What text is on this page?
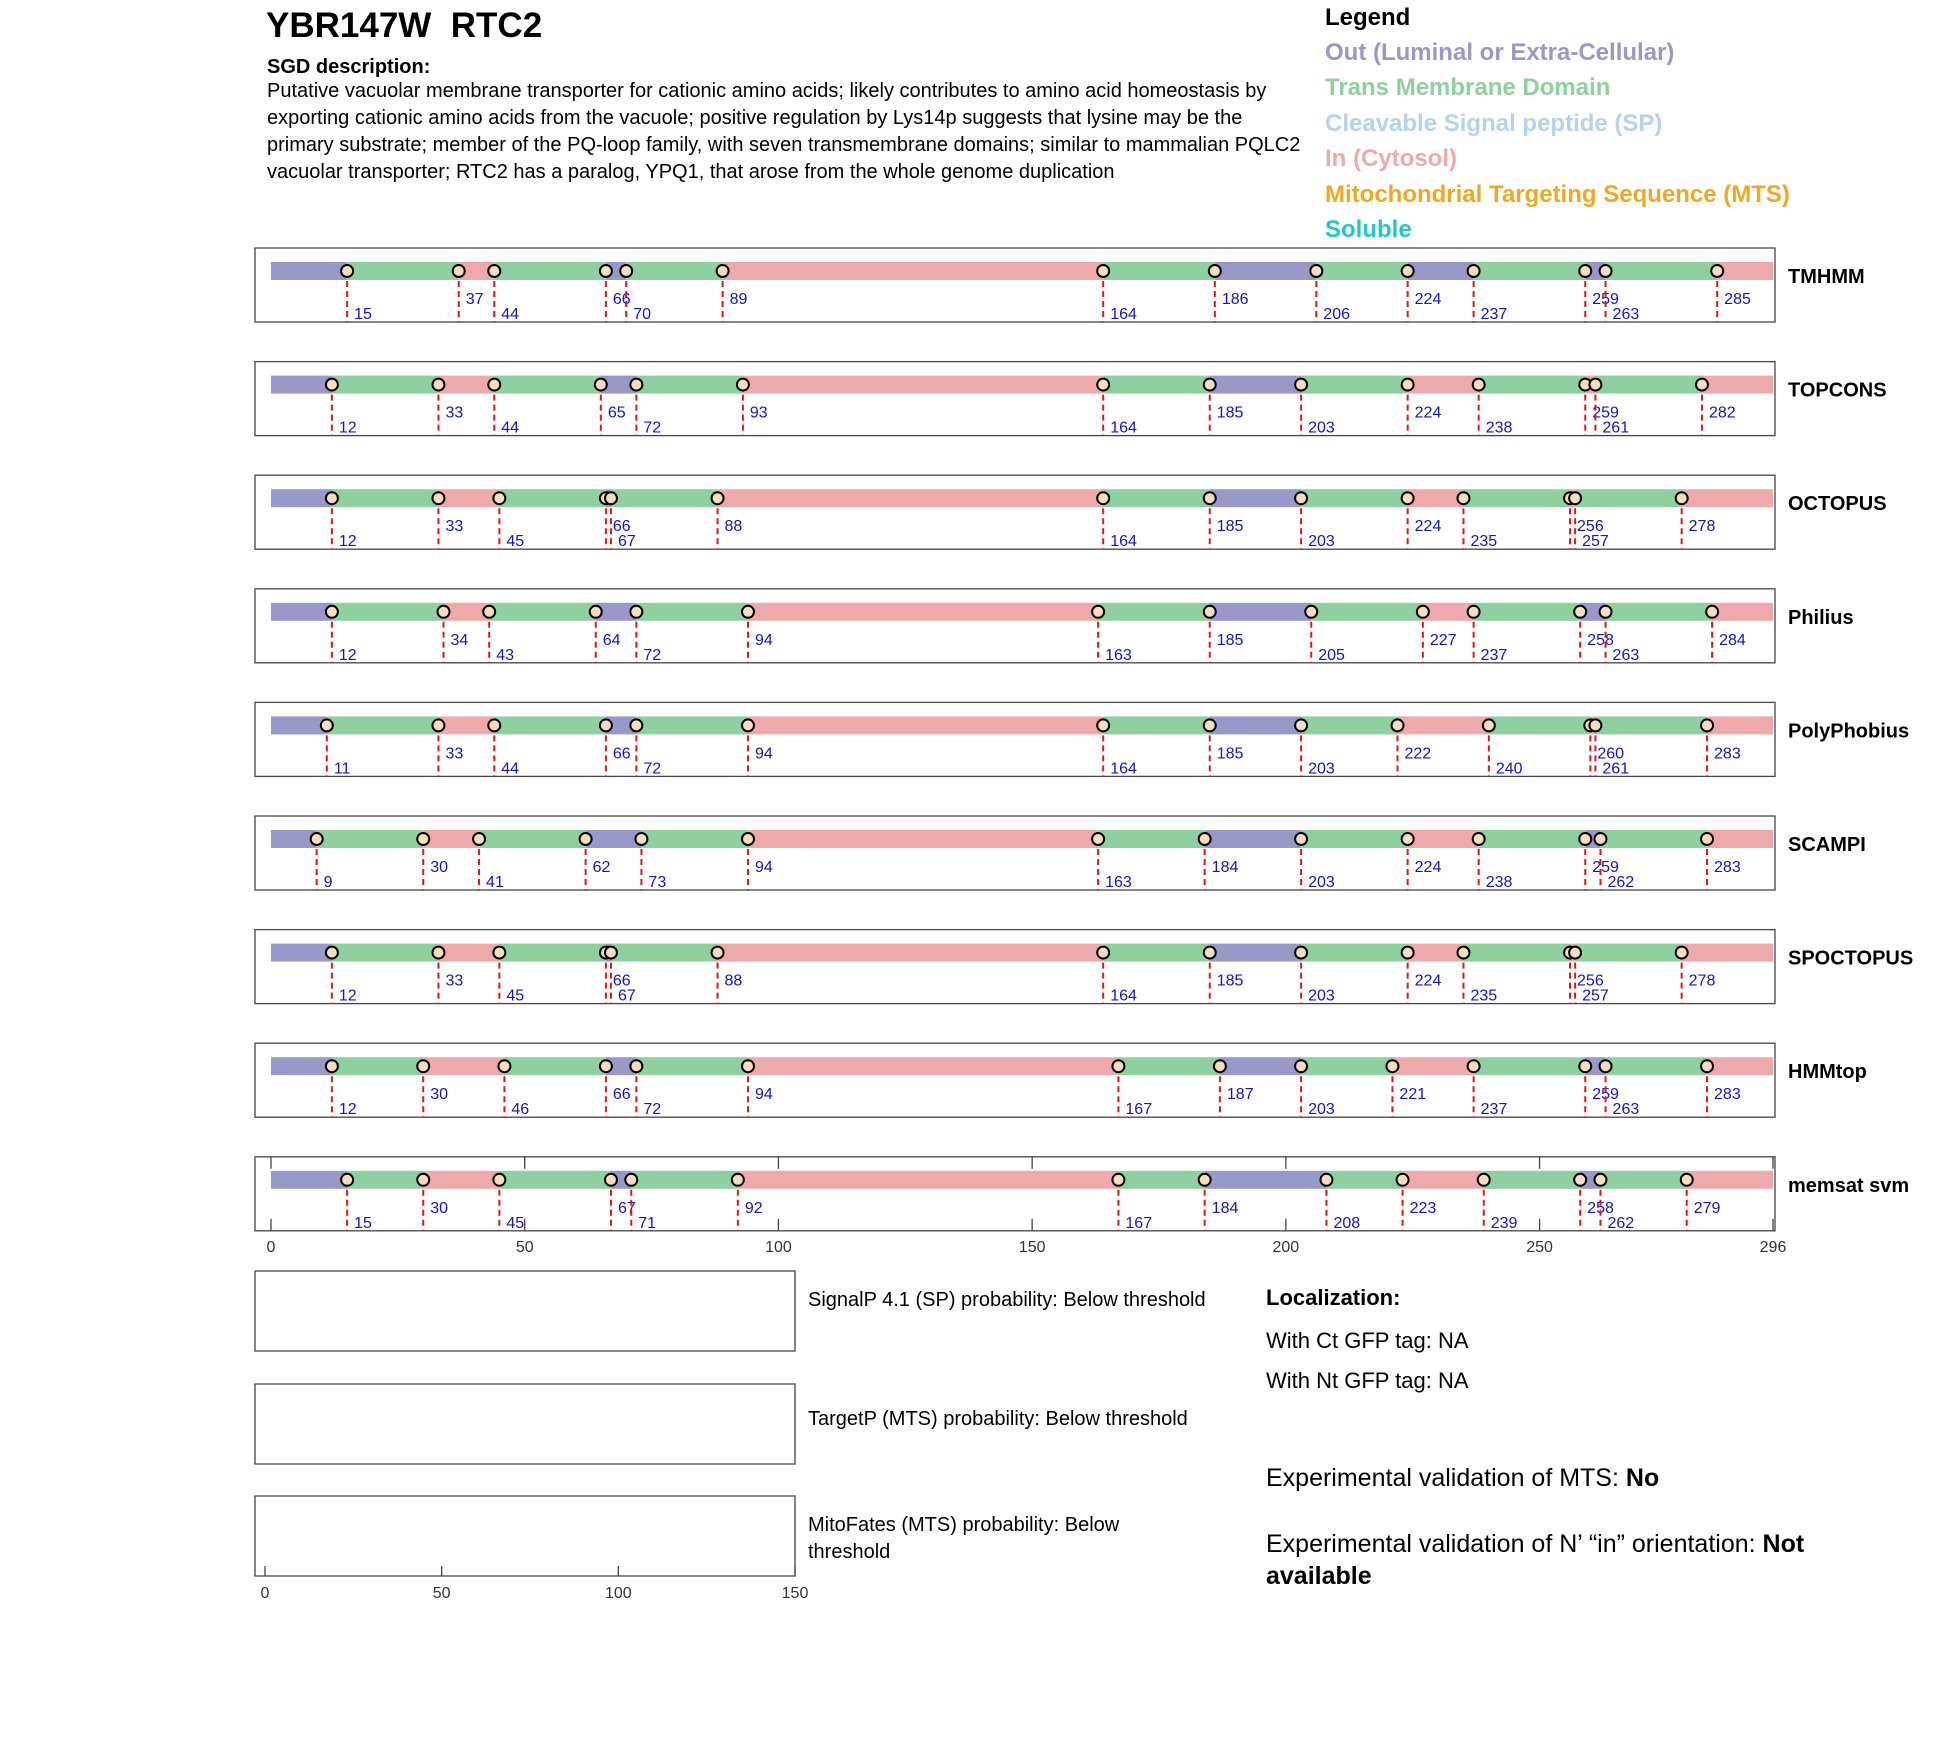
YBR147W  RTC2
SGD description:
Putative vacuolar membrane transporter for cationic amino acids; likely contributes to amino acid homeostasis by exporting cationic amino acids from the vacuole; positive regulation by Lys14p suggests that lysine may be the primary substrate; member of the PQ-loop family, with seven transmembrane domains; similar to mammalian PQLC2 vacuolar transporter; RTC2 has a paralog, YPQ1, that arose from the whole genome duplication
Legend
Out (Luminal or Extra-Cellular)
Trans Membrane Domain
Cleavable Signal peptide (SP)
In (Cytosol)
Mitochondrial Targeting Sequence (MTS)
Soluble
15
37
44
66
70
89
164
186
206
224
237
259
263
285
TMHMM
12
33
44
65
72
93
164
185
203
224
238
259
261
282
TOPCONS
12
33
45
66
67
88
164
185
203
224
235
256
257
278
OCTOPUS
12
34
43
64
72
94
163
185
205
227
237
258
263
284
Philius
11
33
44
66
72
94
164
185
203
222
240
260
261
283
PolyPhobius
9
30
41
62
73
94
163
184
203
224
238
259
262
283
SCAMPI
12
33
45
66
67
88
164
185
203
224
235
256
257
278
SPOCTOPUS
12
30
46
66
72
94
167
187
203
221
237
259
263
283
HMMtop
15
30
45
67
71
92
167
184
208
223
239
258
262
279
memsat svm
0	50	100	150	200	250	296
0	50	100	150
SignalP 4.1 (SP) probability: Below threshold
TargetP (MTS) probability: Below threshold
MitoFates (MTS) probability: Below threshold
Localization:
With Ct GFP tag: NA
With Nt GFP tag: NA
Experimental validation of MTS: No
Experimental validation of N’ “in” orientation: Not available
